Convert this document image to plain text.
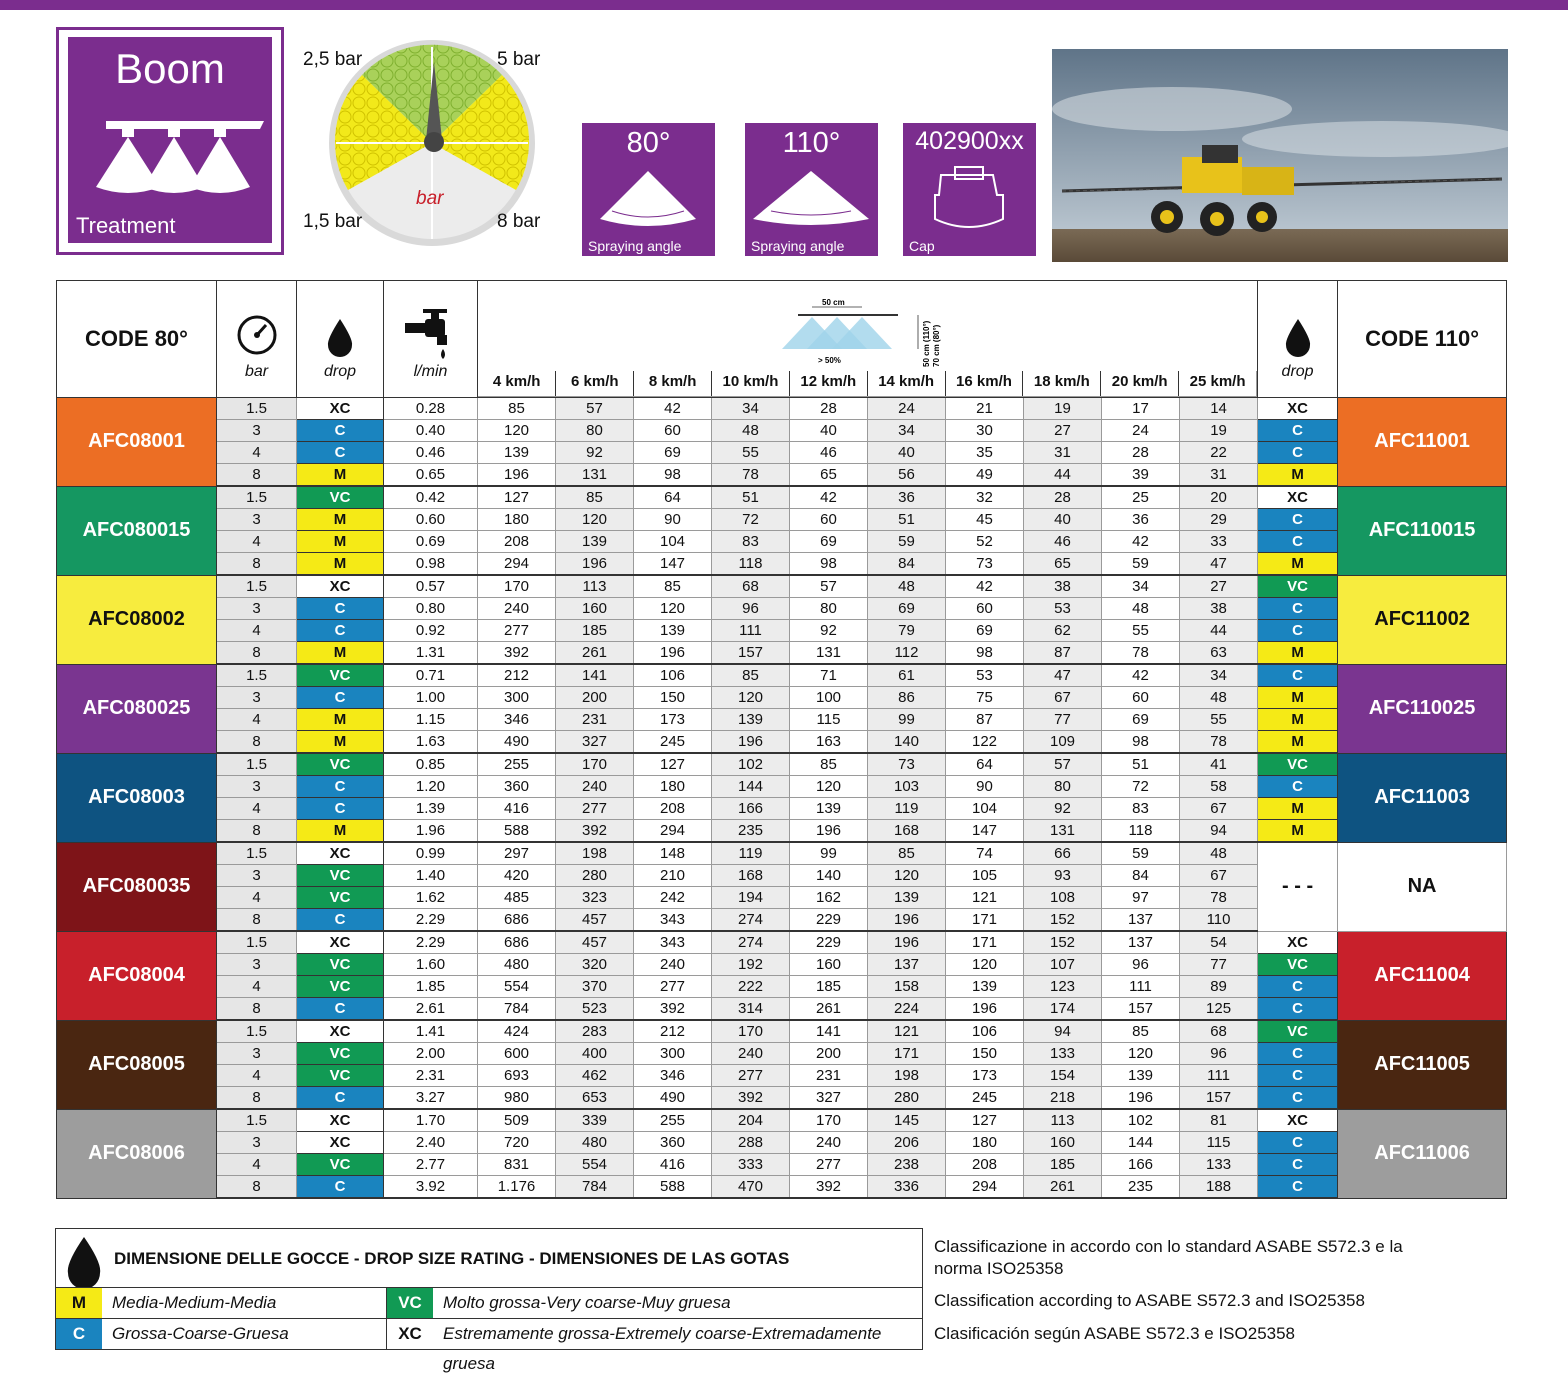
Boom
Treatment
2,5 bar	5 bar
1,5 bar	8 bar
bar
80°
Spraying angle
110°
Spraying angle
402900xx
Cap
CODE 80°	
bar	drop	l/min

50 cm
> 50%	50 cm (110°) 70 cm (80°)
4 km/h	6 km/h	8 km/h	10 km/h	12 km/h	14 km/h	16 km/h	18 km/h	20 km/h	25 km/h

drop
	CODE 110°
AFC08001	1.5	XC	0.28	85	57	42	34	28	24	21	19	17	14	XC	AFC11001
3	C	0.40	120	80	60	48	40	34	30	27	24	19	C
4	C	0.46	139	92	69	55	46	40	35	31	28	22	C
8	M	0.65	196	131	98	78	65	56	49	44	39	31	M
AFC080015	1.5	VC	0.42	127	85	64	51	42	36	32	28	25	20	XC	AFC110015
3	M	0.60	180	120	90	72	60	51	45	40	36	29	C
4	M	0.69	208	139	104	83	69	59	52	46	42	33	C
8	M	0.98	294	196	147	118	98	84	73	65	59	47	M
AFC08002	1.5	XC	0.57	170	113	85	68	57	48	42	38	34	27	VC	AFC11002
3	C	0.80	240	160	120	96	80	69	60	53	48	38	C
4	C	0.92	277	185	139	111	92	79	69	62	55	44	C
8	M	1.31	392	261	196	157	131	112	98	87	78	63	M
AFC080025	1.5	VC	0.71	212	141	106	85	71	61	53	47	42	34	C	AFC110025
3	C	1.00	300	200	150	120	100	86	75	67	60	48	M
4	M	1.15	346	231	173	139	115	99	87	77	69	55	M
8	M	1.63	490	327	245	196	163	140	122	109	98	78	M
AFC08003	1.5	VC	0.85	255	170	127	102	85	73	64	57	51	41	VC	AFC11003
3	C	1.20	360	240	180	144	120	103	90	80	72	58	C
4	C	1.39	416	277	208	166	139	119	104	92	83	67	M
8	M	1.96	588	392	294	235	196	168	147	131	118	94	M
AFC080035	1.5	XC	0.99	297	198	148	119	99	85	74	66	59	48	- - -	NA
3	VC	1.40	420	280	210	168	140	120	105	93	84	67
4	VC	1.62	485	323	242	194	162	139	121	108	97	78
8	C	2.29	686	457	343	274	229	196	171	152	137	110
AFC08004	1.5	XC	2.29	686	457	343	274	229	196	171	152	137	54	XC	AFC11004
3	VC	1.60	480	320	240	192	160	137	120	107	96	77	VC
4	VC	1.85	554	370	277	222	185	158	139	123	111	89	C
8	C	2.61	784	523	392	314	261	224	196	174	157	125	C
AFC08005	1.5	XC	1.41	424	283	212	170	141	121	106	94	85	68	VC	AFC11005
3	VC	2.00	600	400	300	240	200	171	150	133	120	96	C
4	VC	2.31	693	462	346	277	231	198	173	154	139	111	C
8	C	3.27	980	653	490	392	327	280	245	218	196	157	C
AFC08006	1.5	XC	1.70	509	339	255	204	170	145	127	113	102	81	XC	AFC11006
3	XC	2.40	720	480	360	288	240	206	180	160	144	115	C
4	VC	2.77	831	554	416	333	277	238	208	185	166	133	C
8	C	3.92	1.176	784	588	470	392	336	294	261	235	188	C
DIMENSIONE DELLE GOCCE - DROP SIZE RATING - DIMENSIONES DE LAS GOTAS
M	Media-Medium-Media
C	Grossa-Coarse-Gruesa
VC	Molto grossa-Very coarse-Muy gruesa
XC	Estremamente grossa-Extremely coarse-Extremadamente gruesa
Classificazione in accordo con lo standard ASABE S572.3 e la norma ISO25358
Classification according to ASABE S572.3 and ISO25358
Clasificación según ASABE S572.3 e ISO25358
